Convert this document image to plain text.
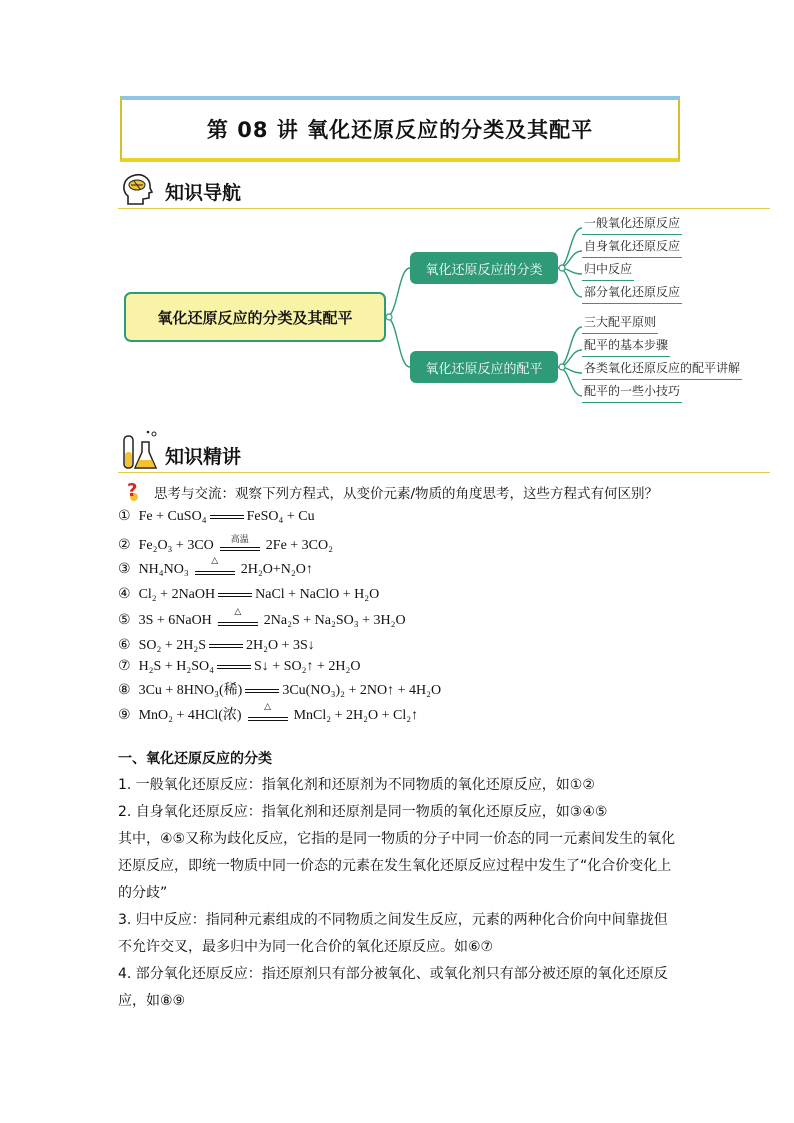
第 08 讲 氧化还原反应的分类及其配平
知识导航
氧化还原反应的分类及其配平
氧化还原反应的分类
氧化还原反应的配平
一般氧化还原反应
自身氧化还原反应
归中反应
部分氧化还原反应
三大配平原则
配平的基本步骤
各类氧化还原反应的配平讲解
配平的一些小技巧
知识精讲
? 思考与交流：观察下列方程式，从变价元素/物质的角度思考，这些方程式有何区别？
① Fe + CuSO₄	FeSO₄ + Cu
② Fe₂O₃ + 3CO	高温	2Fe + 3CO₂
③ NH₄NO₃
△
2H₂O+N₂O↑
④ Cl₂ + 2NaOH	NaCl + NaClO + H₂O
⑤ 3S + 6NaOH
△
2Na₂S + Na₂SO₃ + 3H₂O
⑥ SO₂ + 2H₂S	2H₂O + 3S↓
⑦ H₂S + H₂SO₄	S↓ + SO₂↑ + 2H₂O
⑧ 3Cu + 8HNO₃(稀)	3Cu(NO₃)₂ + 2NO↑ + 4H₂O
⑨ MnO₂ + 4HCl(浓)
△
MnCl₂ + 2H₂O + Cl₂↑
一、氧化还原反应的分类
1. 一般氧化还原反应：指氧化剂和还原剂为不同物质的氧化还原反应，如①②
2. 自身氧化还原反应：指氧化剂和还原剂是同一物质的氧化还原反应，如③④⑤
其中，④⑤又称为歧化反应，它指的是同一物质的分子中同一价态的同一元素间发生的氧化
还原反应，即统一物质中同一价态的元素在发生氧化还原反应过程中发生了“化合价变化上
的分歧”
3. 归中反应：指同种元素组成的不同物质之间发生反应，元素的两种化合价向中间靠拢但
不允许交叉，最多归中为同一化合价的氧化还原反应。如⑥⑦
4. 部分氧化还原反应：指还原剂只有部分被氧化、或氧化剂只有部分被还原的氧化还原反
应，如⑧⑨
